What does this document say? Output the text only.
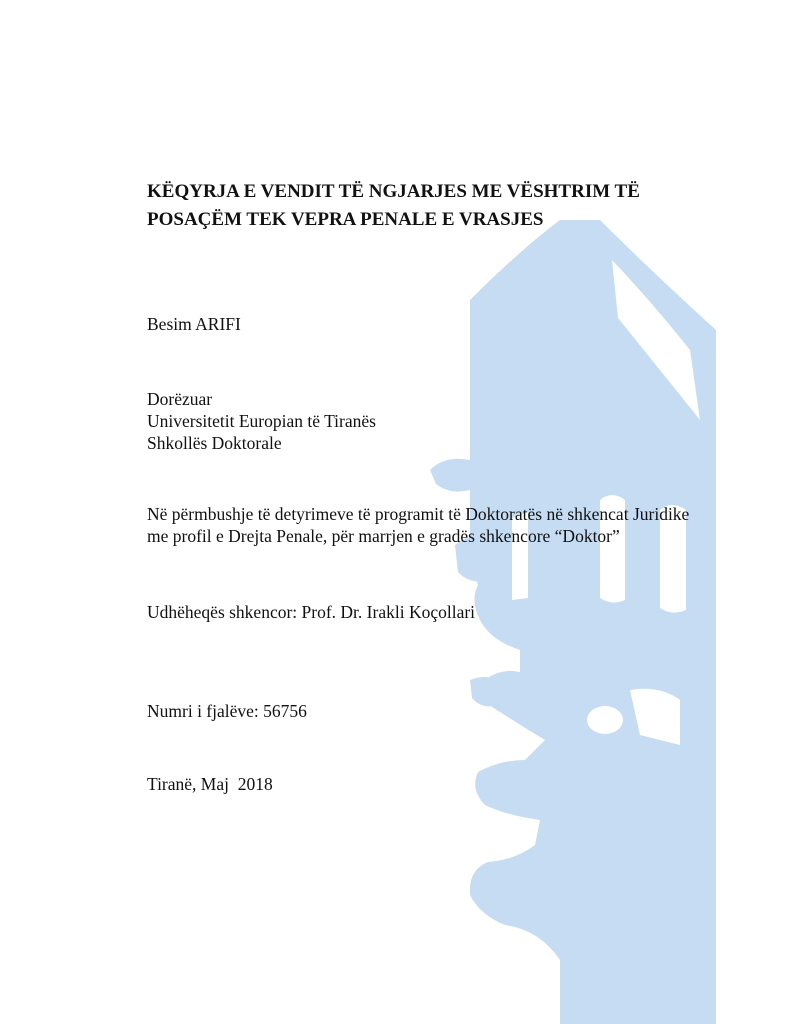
KËQYRJA E VENDIT TË NGJARJES ME VËSHTRIM TË
POSAÇËM TEK VEPRA PENALE E VRASJES

Besim ARIFI

Dorëzuar
Universitetit Europian të Tiranës
Shkollës Doktorale

Në përmbushje të detyrimeve të programit të Doktoratës në shkencat Juridike
me profil e Drejta Penale, për marrjen e gradës shkencore “Doktor”

Udhëheqës shkencor: Prof. Dr. Irakli Koçollari

Numri i fjalëve: 56756

Tiranë, Maj  2018
